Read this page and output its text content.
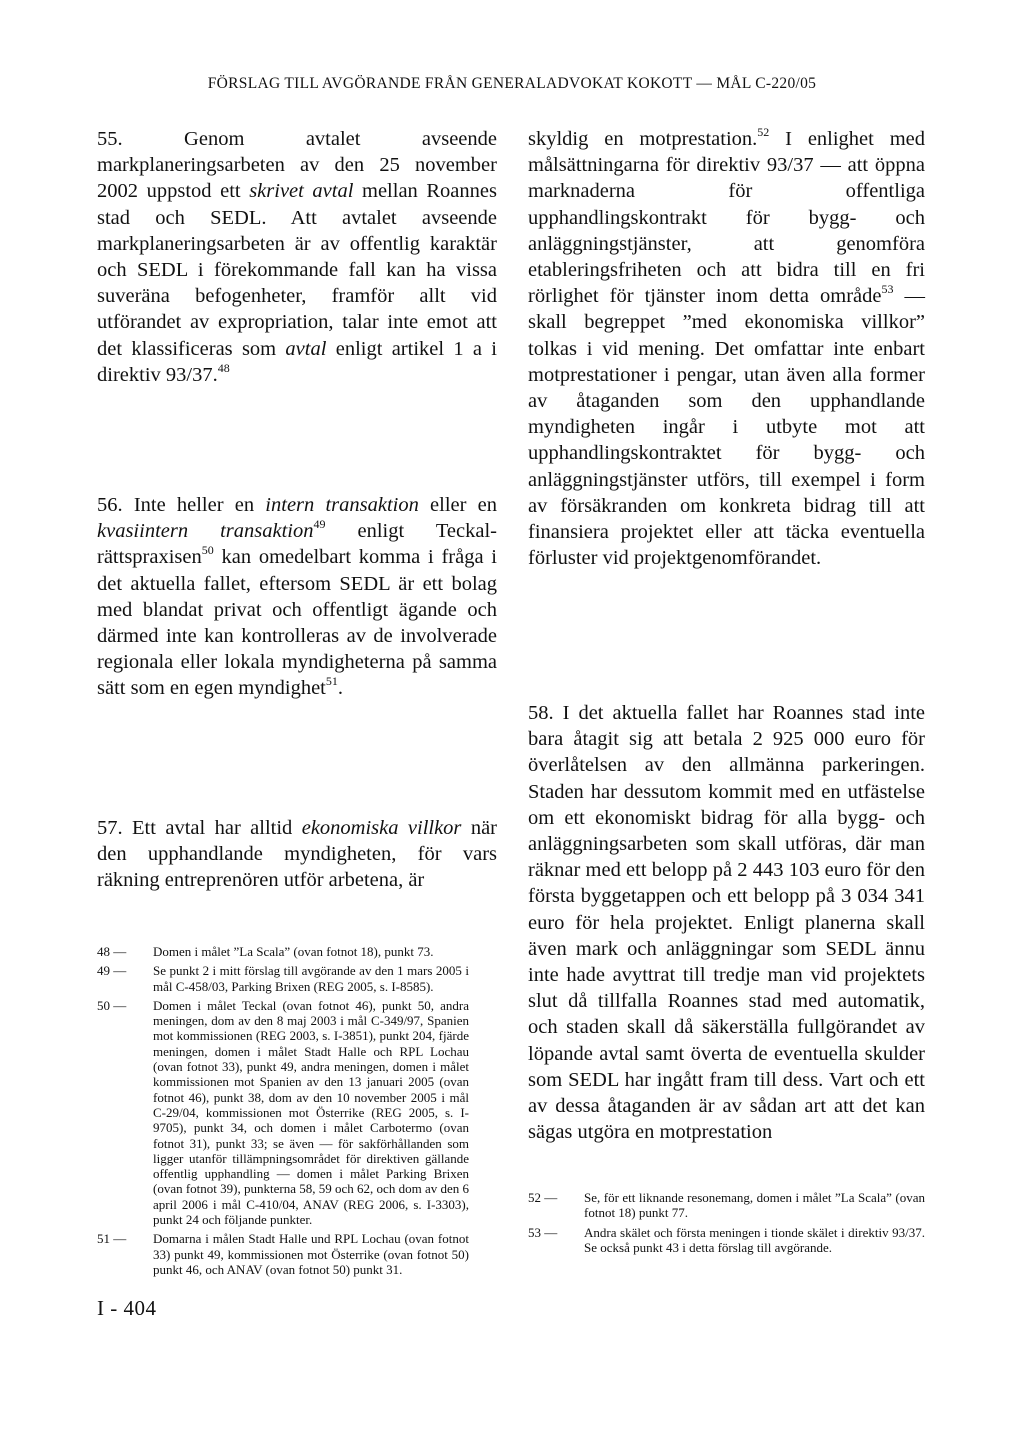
FÖRSLAG TILL AVGÖRANDE FRÅN GENERALADVOKAT KOKOTT — MÅL C-220/05

55. Genom avtalet avseende markplaneringsarbeten av den 25 november 2002 uppstod ett skrivet avtal mellan Roannes stad och SEDL. Att avtalet avseende markplaneringsarbeten är av offentlig karaktär och SEDL i förekommande fall kan ha vissa suveräna befogenheter, framför allt vid utförandet av expropriation, talar inte emot att det klassificeras som avtal enligt artikel 1 a i direktiv 93/37.48

56. Inte heller en intern transaktion eller en kvasiintern transaktion$^{49}$ enligt Teckal-rättspraxisen$^{50}$ kan omedelbart komma i fråga i det aktuella fallet, eftersom SEDL är ett bolag med blandat privat och offentligt ägande och därmed inte kan kontrolleras av de involverade regionala eller lokala myndigheterna på samma sätt som en egen myndighet$^{51}$.

57. Ett avtal har alltid ekonomiska villkor när den upphandlande myndigheten, för vars räkning entreprenören utför arbetena, är

48 — Domen i målet ”La Scala” (ovan fotnot 18), punkt 73.

49 — Se punkt 2 i mitt förslag till avgörande av den 1 mars 2005 i mål C-458/03, Parking Brixen (REG 2005, s. I-8585).

50 — Domen i målet Teckal (ovan fotnot 46), punkt 50, andra meningen, dom av den 8 maj 2003 i mål C-349/97, Spanien mot kommissionen (REG 2003, s. I-3851), punkt 204, fjärde meningen, domen i målet Stadt Halle och RPL Lochau (ovan fotnot 33), punkt 49, andra meningen, domen i målet kommissionen mot Spanien av den 13 januari 2005 (ovan fotnot 46), punkt 38, dom av den 10 november 2005 i mål C-29/04, kommissionen mot Österrike (REG 2005, s. I-9705), punkt 34, och domen i målet Carbotermo (ovan fotnot 31), punkt 33; se även — för sakförhållanden som ligger utanför tillämpningsområdet för direktiven gällande offentlig upphandling — domen i målet Parking Brixen (ovan fotnot 39), punkterna 58, 59 och 62, och dom av den 6 april 2006 i mål C-410/04, ANAV (REG 2006, s. I-3303), punkt 24 och följande punkter.

51 — Domarna i målen Stadt Halle und RPL Lochau (ovan fotnot 33) punkt 49, kommissionen mot Österrike (ovan fotnot 50) punkt 46, och ANAV (ovan fotnot 50) punkt 31.

skyldig en motprestation.$^{52}$ I enlighet med målsättningarna för direktiv 93/37 — att öppna marknaderna för offentliga upphandlingskontrakt för bygg- och anläggningstjänster, att genomföra etableringsfriheten och att bidra till en fri rörlighet för tjänster inom detta område$^{53}$ — skall begreppet ”med ekonomiska villkor” tolkas i vid mening. Det omfattar inte enbart motprestationer i pengar, utan även alla former av åtaganden som den upphandlande myndigheten ingår i utbyte mot att upphandlingskontraktet för bygg- och anläggningstjänster utförs, till exempel i form av försäkranden om konkreta bidrag till att finansiera projektet eller att täcka eventuella förluster vid projektgenomförandet.

58. I det aktuella fallet har Roannes stad inte bara åtagit sig att betala 2 925 000 euro för överlåtelsen av den allmänna parkeringen. Staden har dessutom kommit med en utfästelse om ett ekonomiskt bidrag för alla bygg- och anläggningsarbeten som skall utföras, där man räknar med ett belopp på 2 443 103 euro för den första byggetappen och ett belopp på 3 034 341 euro för hela projektet. Enligt planerna skall även mark och anläggningar som SEDL ännu inte hade avyttrat till tredje man vid projektets slut då tillfalla Roannes stad med automatik, och staden skall då säkerställa fullgörandet av löpande avtal samt överta de eventuella skulder som SEDL har ingått fram till dess. Vart och ett av dessa åtaganden är av sådan art att det kan sägas utgöra en motprestation

52 — Se, för ett liknande resonemang, domen i målet ”La Scala” (ovan fotnot 18) punkt 77.

53 — Andra skälet och första meningen i tionde skälet i direktiv 93/37. Se också punkt 43 i detta förslag till avgörande.

I - 404
